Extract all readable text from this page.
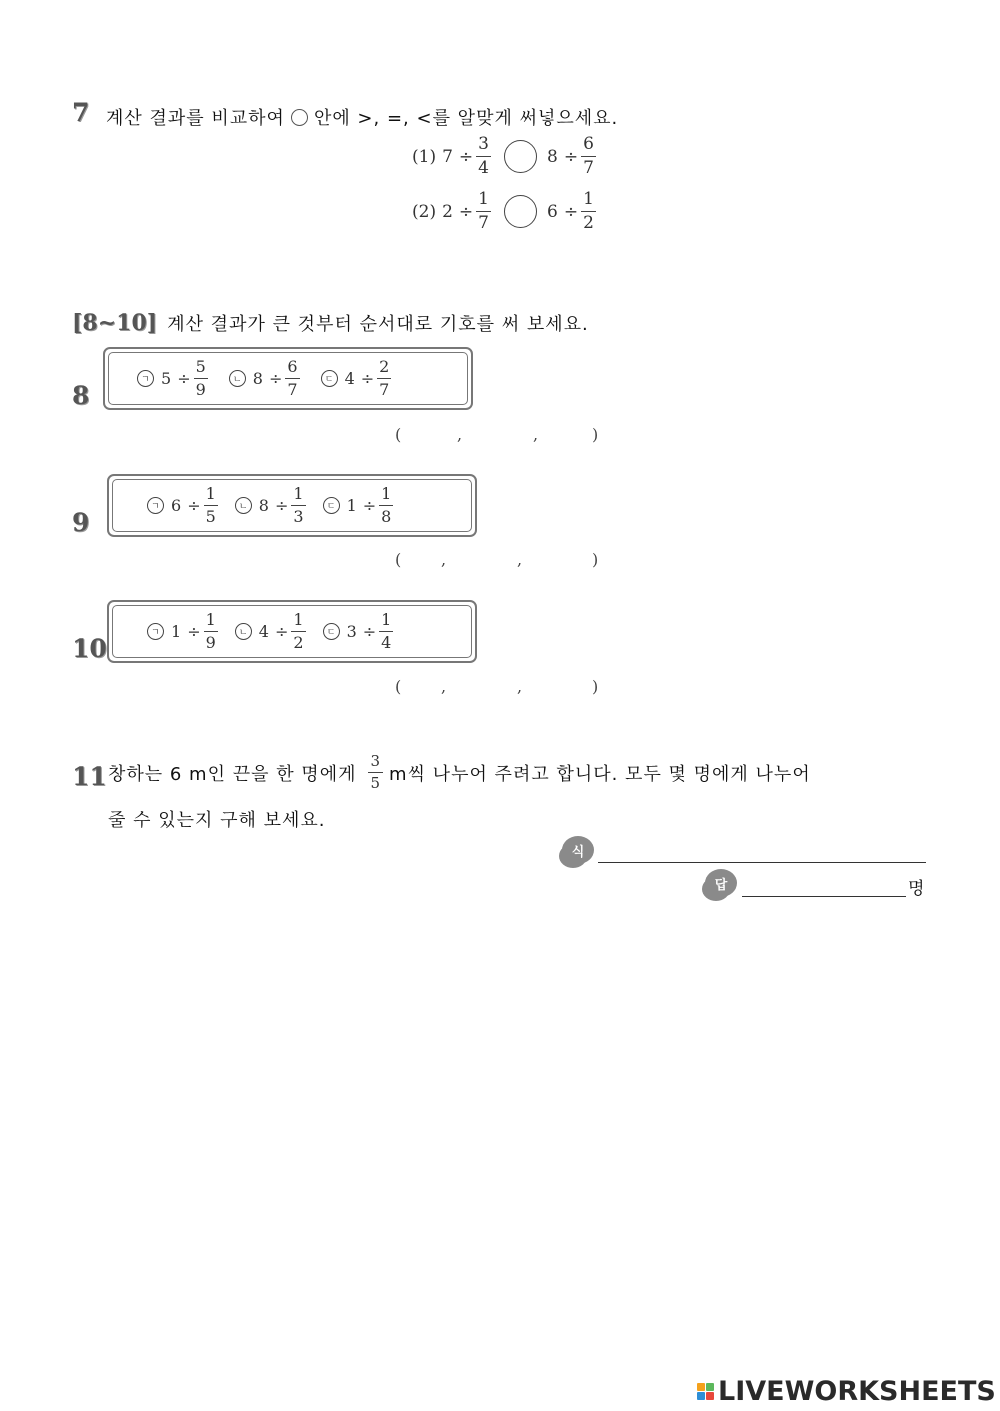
7 계산 결과를 비교하여 안에 >, =, <를 알맞게 써넣으세요.
(1) $7 \div \frac{3}{4}$	$8 \div \frac{6}{7}$
(2) $2 \div \frac{1}{7}$	$6 \div \frac{1}{2}$
[8~10] 계산 결과가 큰 것부터 순서대로 기호를 써 보세요.
8
ㄱ $5 \div \frac{5}{9}$	ㄴ $8 \div \frac{6}{7}$	ㄷ $4 \div \frac{2}{7}$
(	,	,	)
9
ㄱ $6 \div \frac{1}{5}$	ㄴ $8 \div \frac{1}{3}$	ㄷ $1 \div \frac{1}{8}$
( ,	,	)
10
ㄱ $1 \div \frac{1}{9}$	ㄴ $4 \div \frac{1}{2}$	ㄷ $3 \div \frac{1}{4}$
( ,	,	)
11 창하는 6 m인 끈을 한 명에게 $\frac{3}{5}$ m씩 나누어 주려고 합니다. 모두 몇 명에게 나누어
줄 수 있는지 구해 보세요.
식
답	명
LIVEWORKSHEETS
